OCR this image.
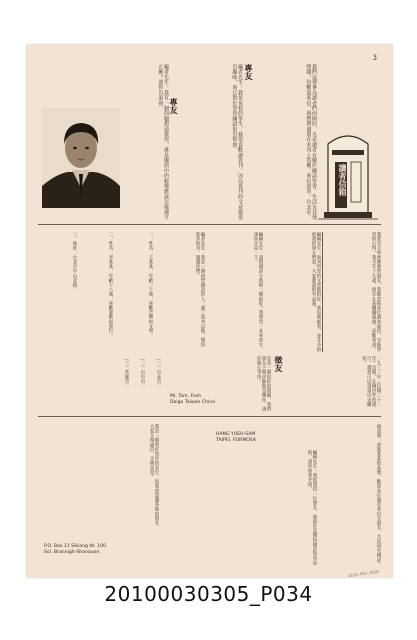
3
讀者信箱
我們這裡專為讀者們而開的，凡是讀者有關於國語學習、生活及其他問題，均歡迎來信，我們將盡量在本刊上答覆。來信請寄：台北市。
專友
編者先生：我是某校的學生，我很喜歡讀貴刊，因為貴刊的文章都很有趣味，而且對於學習國語很有幫助。
專友
編者先生：我有一個問題想請教你，就是國語中的輕聲應該怎樣讀才正確？請你告訴我。
我愛有文學底修養的朋友，我願意和各位讀者通信，交換學習的心得。我今年十九歲，現在在某機關服務，喜歡看書。
編輯先生：貴刊所登的文章都很好，我每期都看，並且介紹給我的朋友們看，大家都說很有益處。
編輯先生：請問國語字典那一種最好？我想買一本來查字，請你介紹一下。
編者先生：我是一個初學國語的人，讀了貴刊以後，覺得進步很多，謝謝你們。
一、姓名：王某某，年齡二十歲，喜歡音樂和文學。
二、姓名：李某某，年齡十八歲，喜歡運動和旅行。
三、地址：台北市中山北路。
徵友	一九三二年（民國二十一年）出版，在國內外很流行，讀者可以到書店去購買。
這是一個很好的問題，我們會在下期詳細地答覆你，請你耐心等待。
（一）台北市。
（二）台中市。
（三）高雄市。
Mr. Tom. Fosh
Daigo Taiwan China
通訊處：香港某某街某號，歡迎各位讀者來信交朋友，共同研究國語。
HANG YUEH-SAM
TAIPEI, FORMOSA
編輯先生：我很想找一位筆友，他最好是懂得國語和英語的，請你替我介紹。
我是一個愛好寫作的青年，很希望認識各地的朋友，大家互相通信，交換意見。
P.O. Box 11 Sikiang Nr. 100
Sol. Brannigh-Shanauon
2010.003.0305
20100030305_P034
